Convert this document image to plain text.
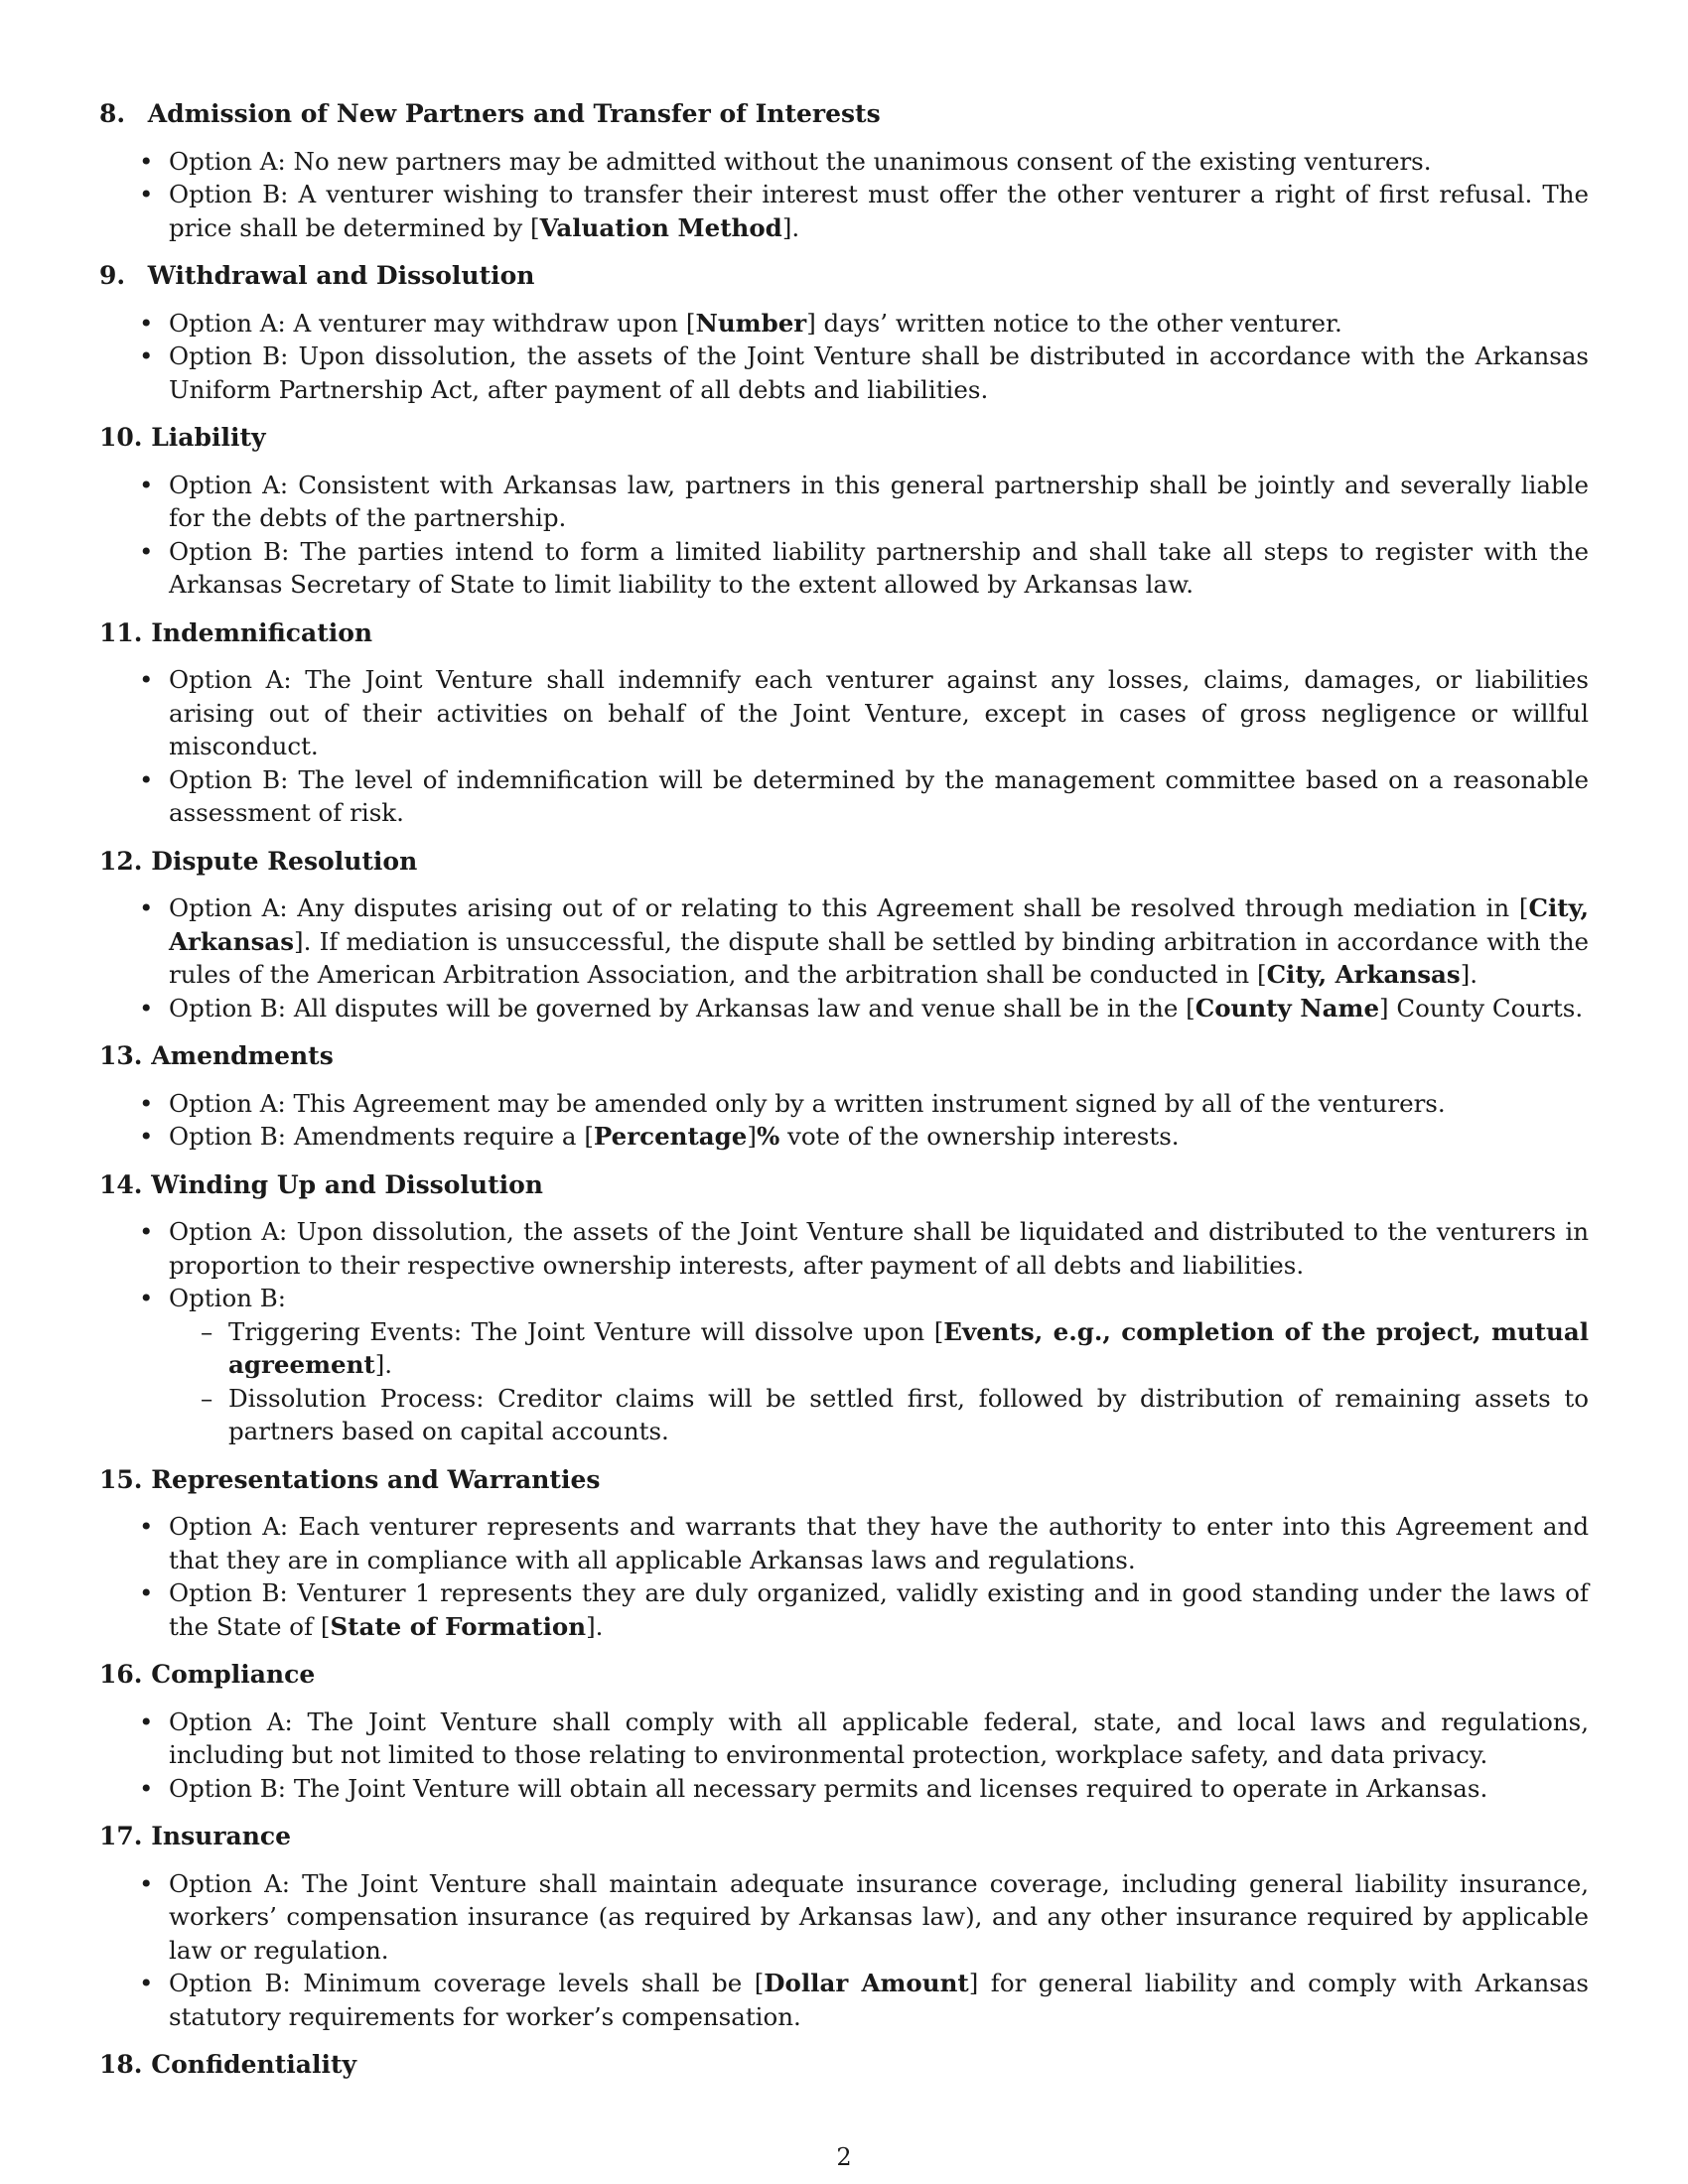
8. Admission of New Partners and Transfer of Interests
• Option A: No new partners may be admitted without the unanimous consent of the existing venturers.
• Option B: A venturer wishing to transfer their interest must offer the other venturer a right of first refusal. The price shall be determined by [Valuation Method].
9. Withdrawal and Dissolution
• Option A: A venturer may withdraw upon [Number] days’ written notice to the other venturer.
• Option B: Upon dissolution, the assets of the Joint Venture shall be distributed in accordance with the Arkansas Uniform Partnership Act, after payment of all debts and liabilities.
10. Liability
• Option A: Consistent with Arkansas law, partners in this general partnership shall be jointly and severally liable for the debts of the partnership.
• Option B: The parties intend to form a limited liability partnership and shall take all steps to register with the Arkansas Secretary of State to limit liability to the extent allowed by Arkansas law.
11. Indemnification
• Option A: The Joint Venture shall indemnify each venturer against any losses, claims, damages, or liabilities arising out of their activities on behalf of the Joint Venture, except in cases of gross negligence or willful misconduct.
• Option B: The level of indemnification will be determined by the management committee based on a reasonable assessment of risk.
12. Dispute Resolution
• Option A: Any disputes arising out of or relating to this Agreement shall be resolved through mediation in [City, Arkansas]. If mediation is unsuccessful, the dispute shall be settled by binding arbitration in accordance with the rules of the American Arbitration Association, and the arbitration shall be conducted in [City, Arkansas].
• Option B: All disputes will be governed by Arkansas law and venue shall be in the [County Name] County Courts.
13. Amendments
• Option A: This Agreement may be amended only by a written instrument signed by all of the venturers.
• Option B: Amendments require a [Percentage]% vote of the ownership interests.
14. Winding Up and Dissolution
• Option A: Upon dissolution, the assets of the Joint Venture shall be liquidated and distributed to the venturers in proportion to their respective ownership interests, after payment of all debts and liabilities.
• Option B:
– Triggering Events: The Joint Venture will dissolve upon [Events, e.g., completion of the project, mutual agreement].
– Dissolution Process: Creditor claims will be settled first, followed by distribution of remaining assets to partners based on capital accounts.
15. Representations and Warranties
• Option A: Each venturer represents and warrants that they have the authority to enter into this Agreement and that they are in compliance with all applicable Arkansas laws and regulations.
• Option B: Venturer 1 represents they are duly organized, validly existing and in good standing under the laws of the State of [State of Formation].
16. Compliance
• Option A: The Joint Venture shall comply with all applicable federal, state, and local laws and regulations, including but not limited to those relating to environmental protection, workplace safety, and data privacy.
• Option B: The Joint Venture will obtain all necessary permits and licenses required to operate in Arkansas.
17. Insurance
• Option A: The Joint Venture shall maintain adequate insurance coverage, including general liability insurance, workers’ compensation insurance (as required by Arkansas law), and any other insurance required by applicable law or regulation.
• Option B: Minimum coverage levels shall be [Dollar Amount] for general liability and comply with Arkansas statutory requirements for worker’s compensation.
18. Confidentiality
2
